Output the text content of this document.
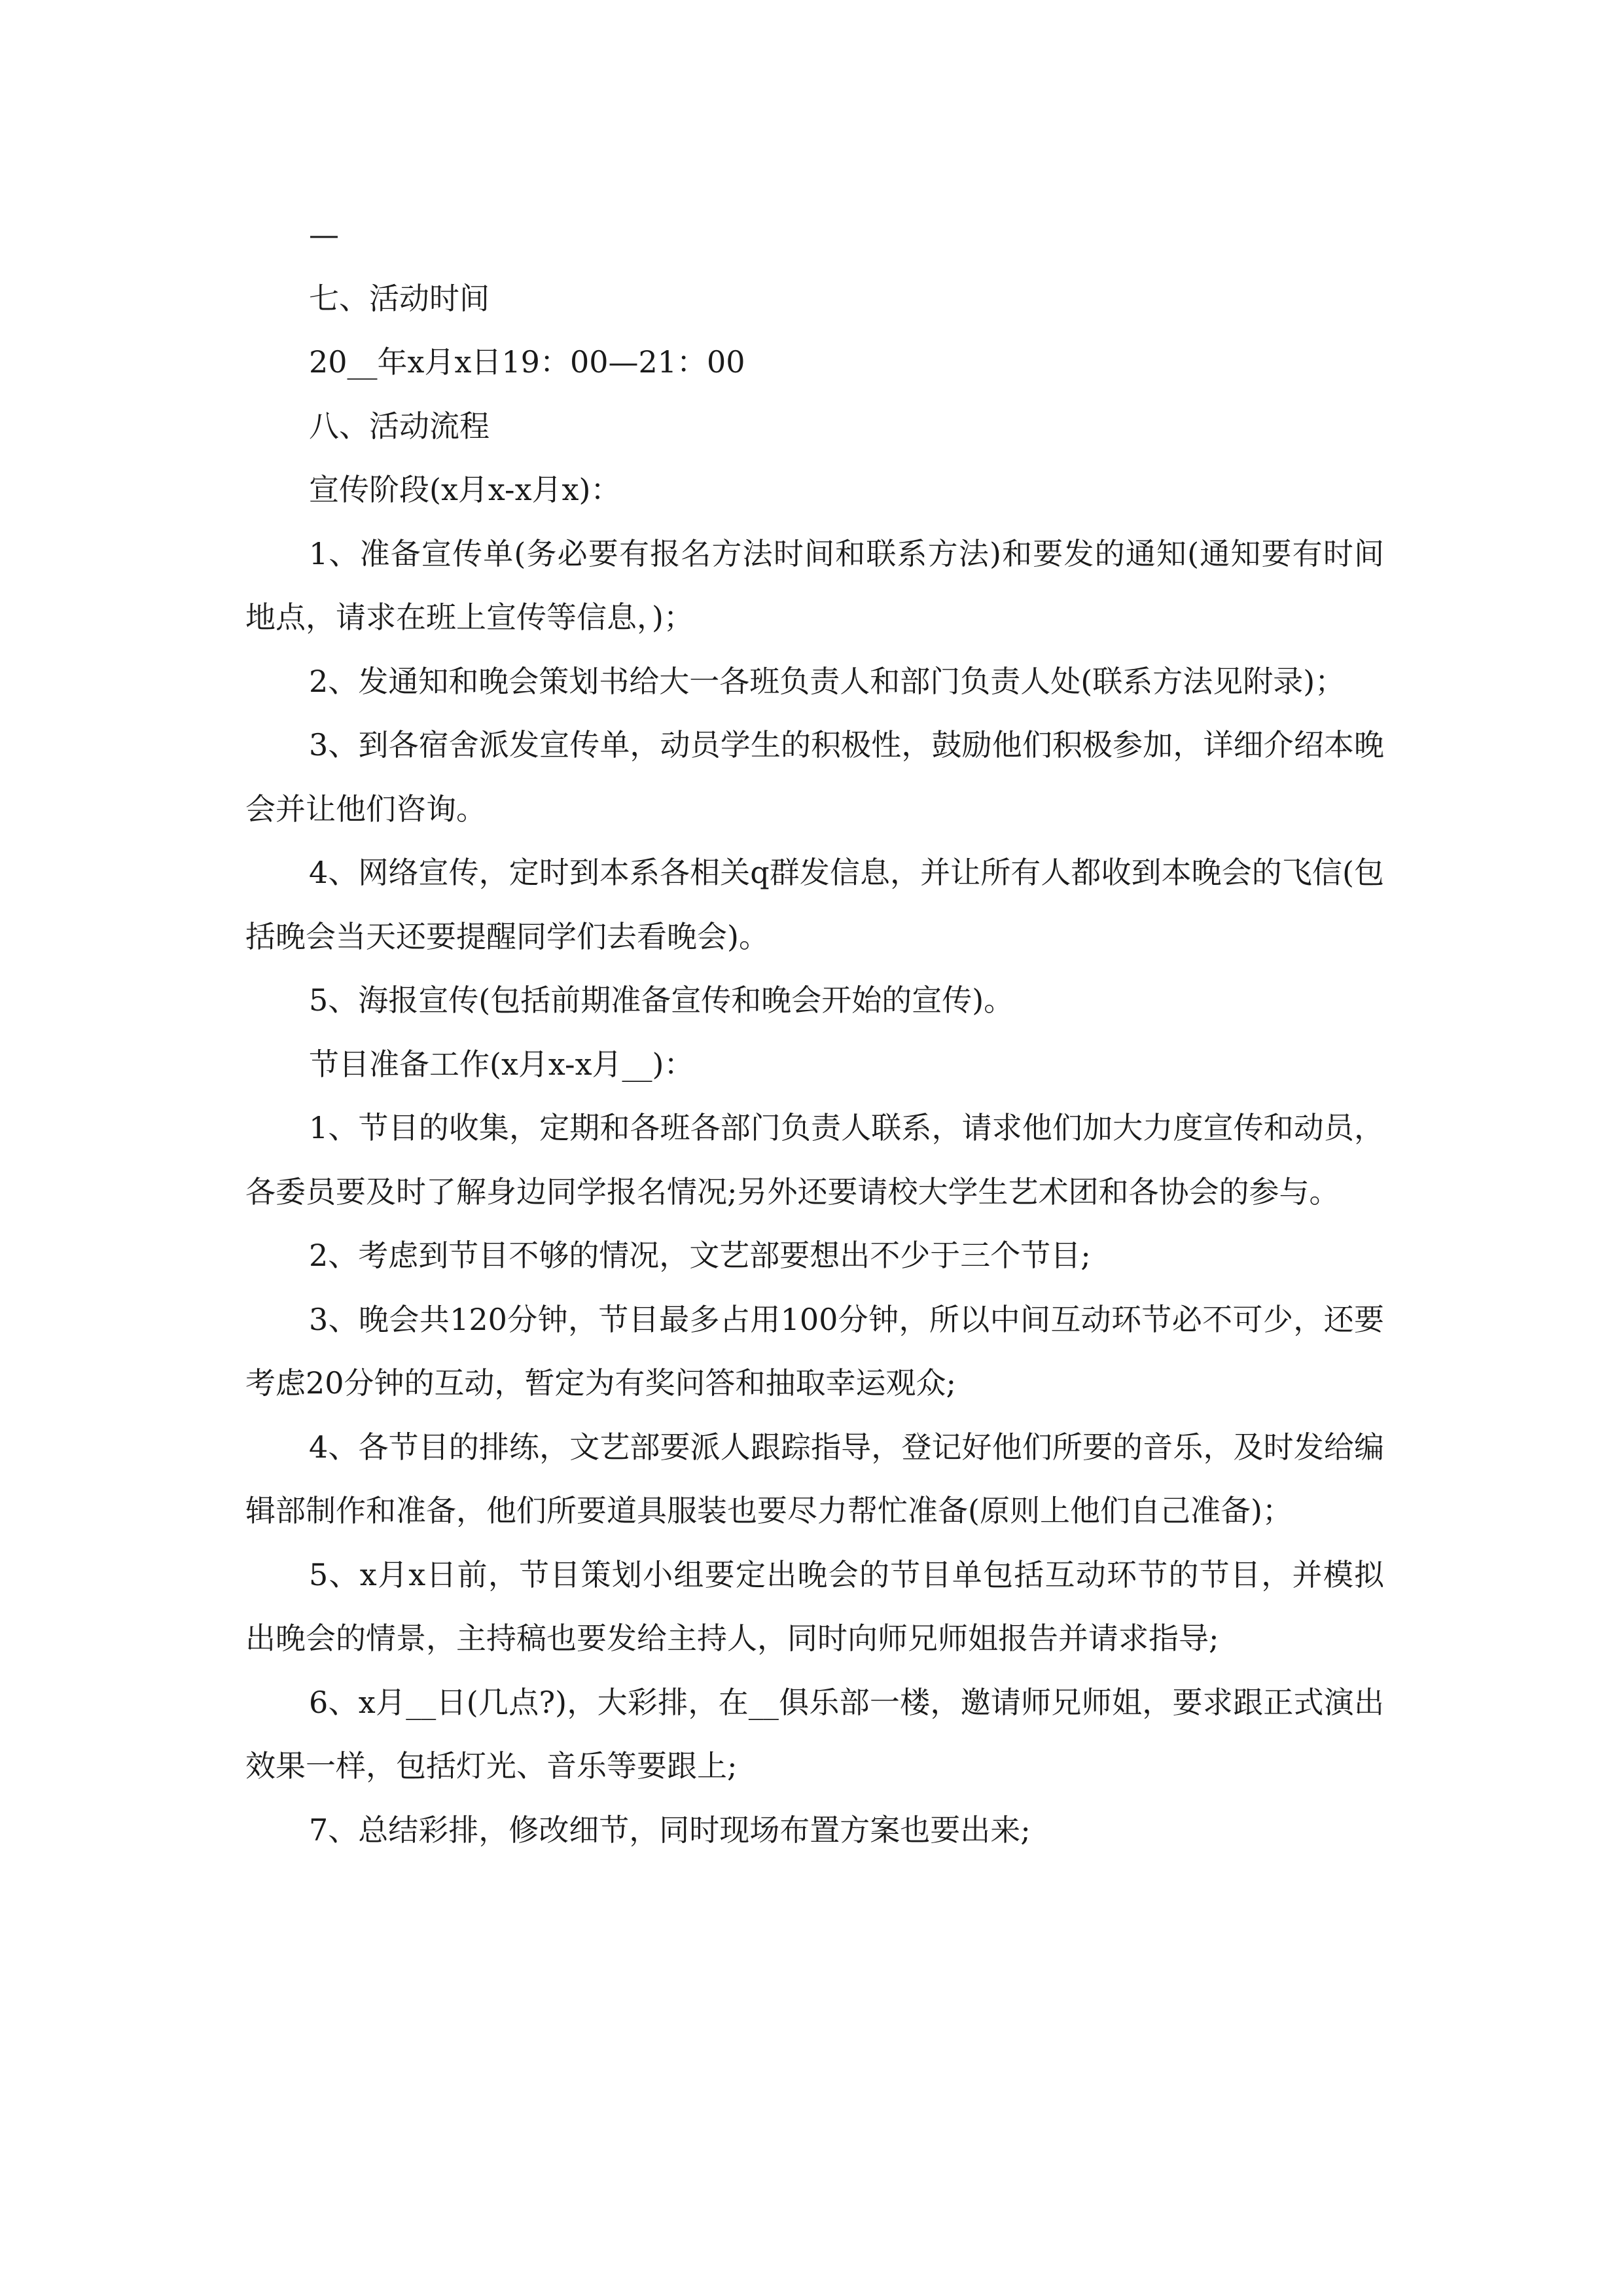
—

七、活动时间

20__年x月x日19：00—21：00

八、活动流程

宣传阶段(x月x-x月x)：

1、准备宣传单(务必要有报名方法时间和联系方法)和要发的通知(通知要有时间地点，请求在班上宣传等信息，)；

2、发通知和晚会策划书给大一各班负责人和部门负责人处(联系方法见附录)；

3、到各宿舍派发宣传单，动员学生的积极性，鼓励他们积极参加，详细介绍本晚会并让他们咨询。

4、网络宣传，定时到本系各相关q群发信息，并让所有人都收到本晚会的飞信(包括晚会当天还要提醒同学们去看晚会)。

5、海报宣传(包括前期准备宣传和晚会开始的宣传)。

节目准备工作(x月x-x月__)：

1、节目的收集，定期和各班各部门负责人联系，请求他们加大力度宣传和动员，各委员要及时了解身边同学报名情况;另外还要请校大学生艺术团和各协会的参与。

2、考虑到节目不够的情况，文艺部要想出不少于三个节目;

3、晚会共120分钟，节目最多占用100分钟，所以中间互动环节必不可少，还要考虑20分钟的互动，暂定为有奖问答和抽取幸运观众;

4、各节目的排练，文艺部要派人跟踪指导，登记好他们所要的音乐，及时发给编辑部制作和准备，他们所要道具服装也要尽力帮忙准备(原则上他们自己准备)；

5、x月x日前，节目策划小组要定出晚会的节目单包括互动环节的节目，并模拟出晚会的情景，主持稿也要发给主持人，同时向师兄师姐报告并请求指导;

6、x月__日(几点?)，大彩排，在__俱乐部一楼，邀请师兄师姐，要求跟正式演出效果一样，包括灯光、音乐等要跟上;

7、总结彩排，修改细节，同时现场布置方案也要出来;
